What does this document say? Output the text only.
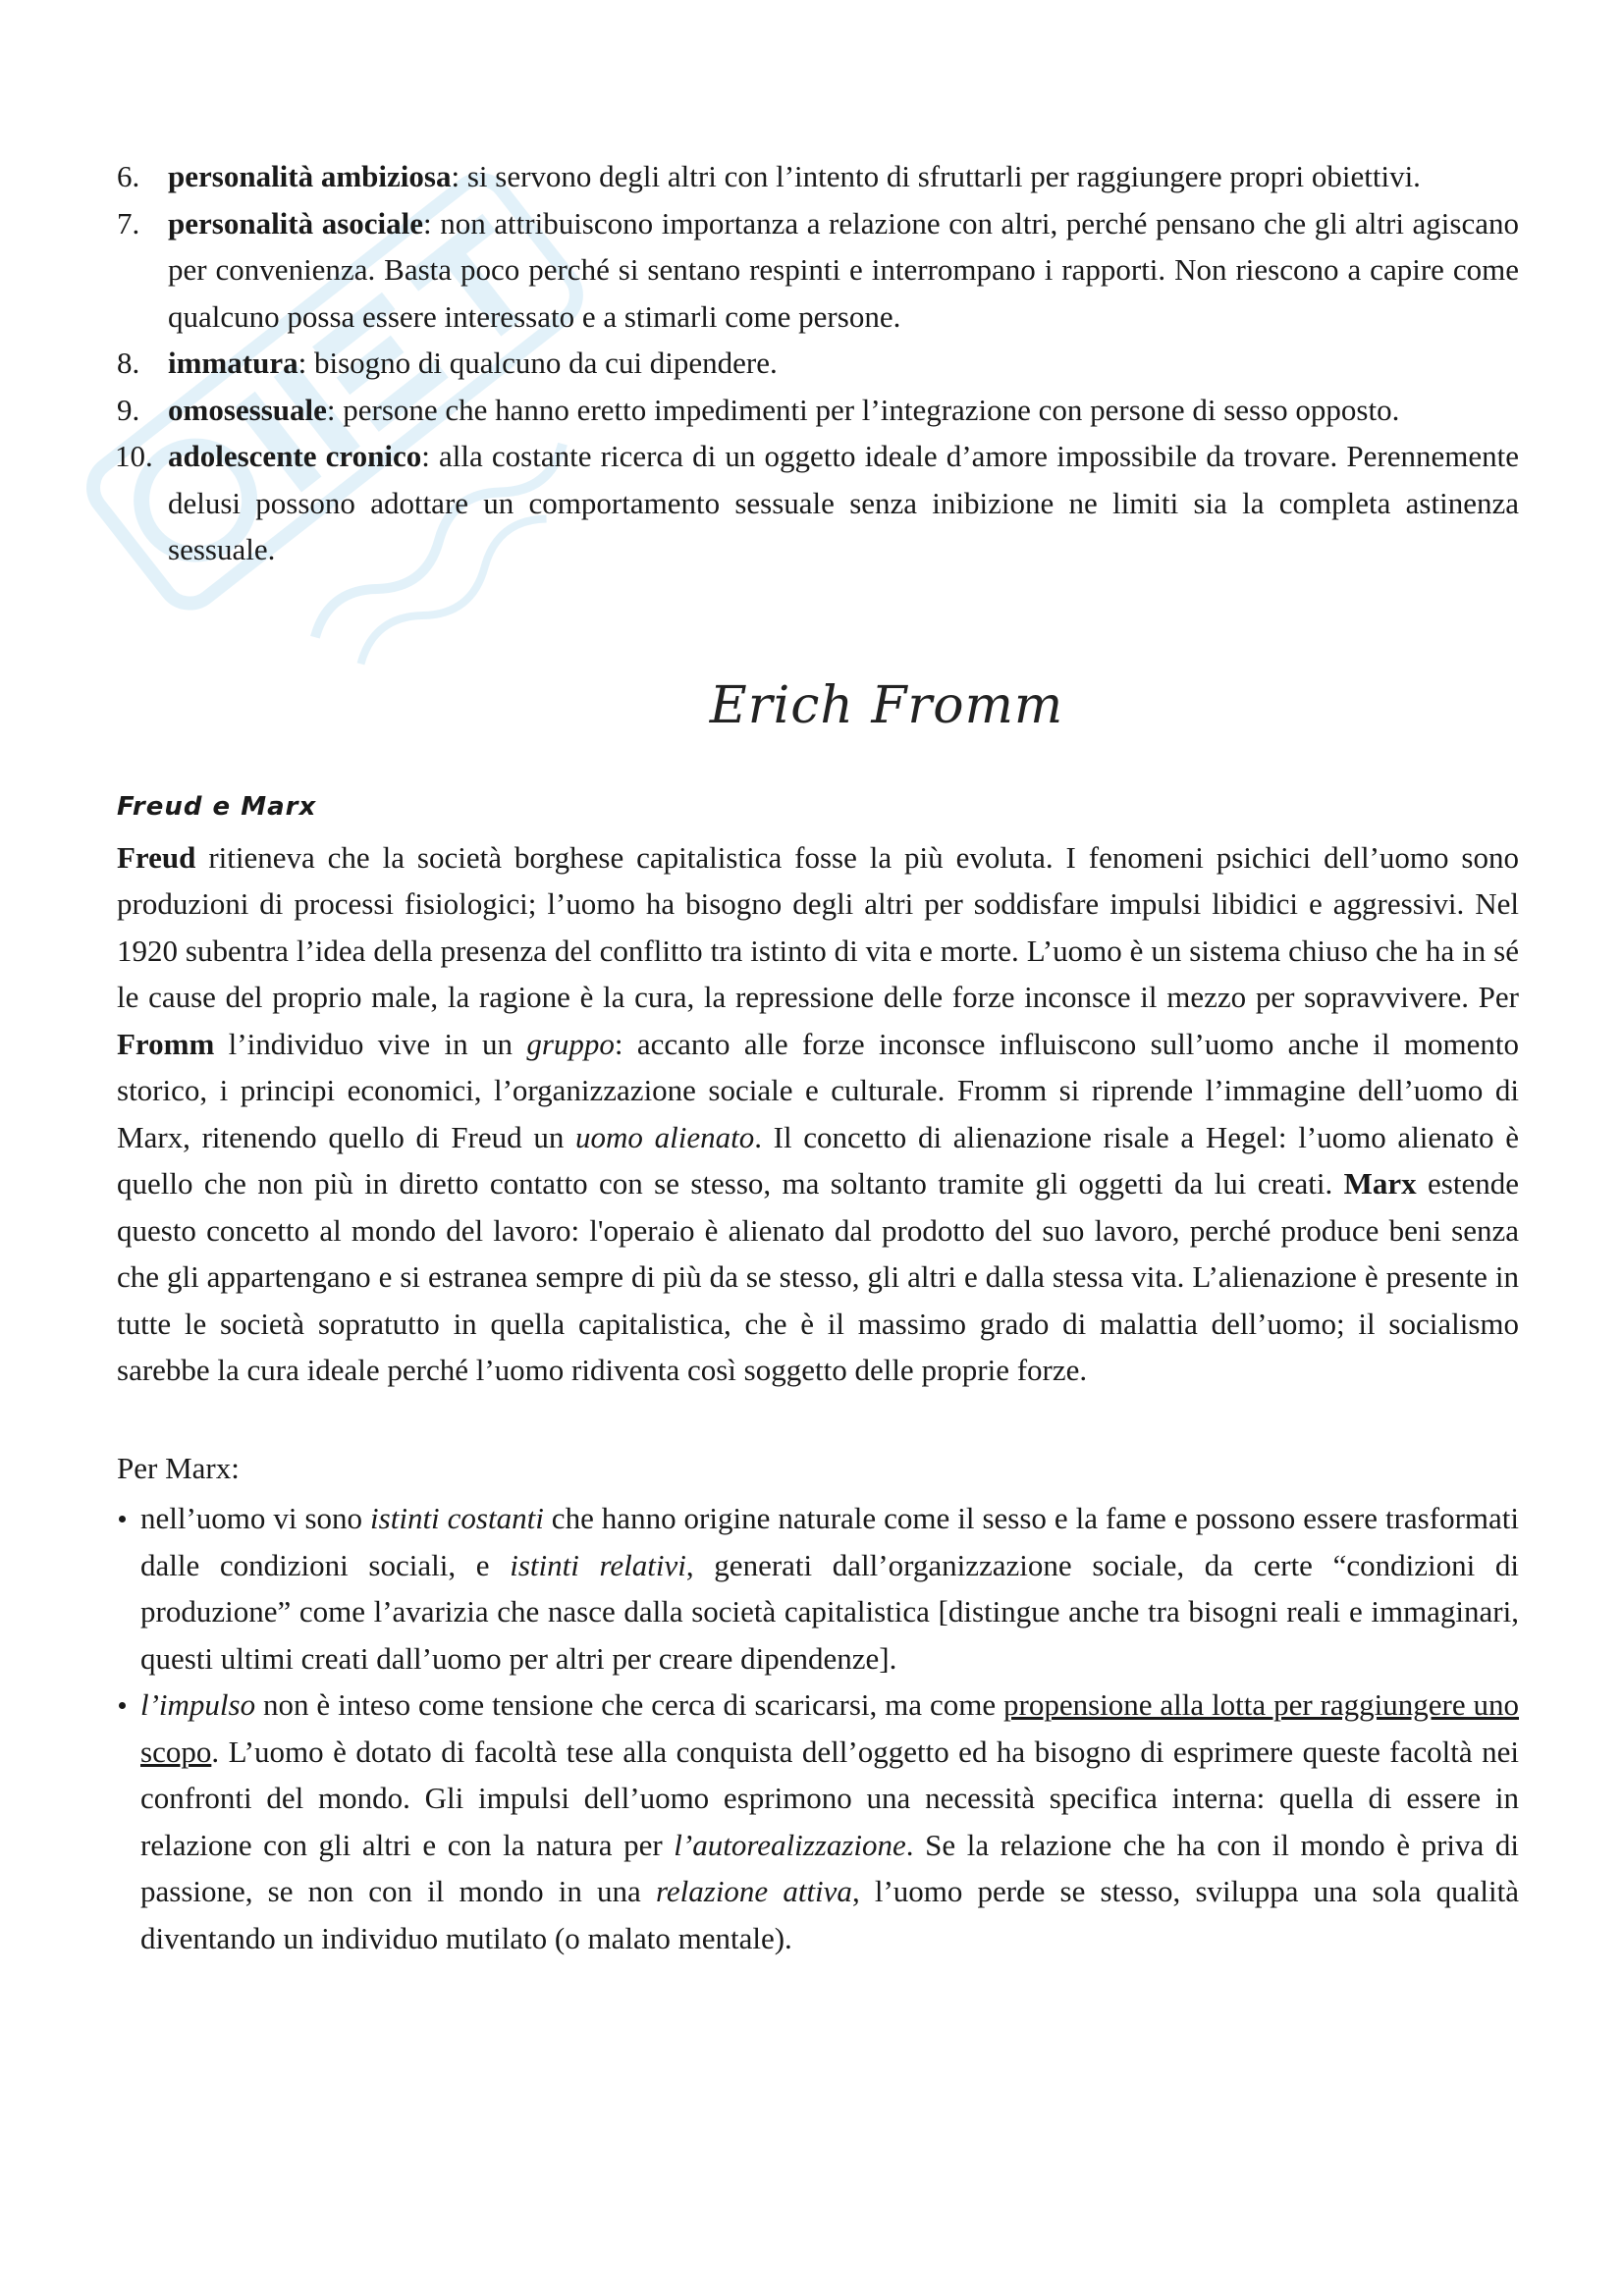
6. personalità ambiziosa: si servono degli altri con l’intento di sfruttarli per raggiungere propri obiettivi.
7. personalità asociale: non attribuiscono importanza a relazione con altri, perché pensano che gli altri agiscano per convenienza. Basta poco perché si sentano respinti e interrompano i rapporti. Non riescono a capire come qualcuno possa essere interessato e a stimarli come persone.
8. immatura: bisogno di qualcuno da cui dipendere.
9. omosessuale: persone che hanno eretto impedimenti per l’integrazione con persone di sesso opposto.
10. adolescente cronico: alla costante ricerca di un oggetto ideale d’amore impossibile da trovare. Perennemente delusi possono adottare un comportamento sessuale senza inibizione ne limiti sia la completa astinenza sessuale.
Erich Fromm
Freud e Marx

Freud ritieneva che la società borghese capitalistica fosse la più evoluta. I fenomeni psichici dell’uomo sono produzioni di processi fisiologici; l’uomo ha bisogno degli altri per soddisfare impulsi libidici e aggressivi. Nel 1920 subentra l’idea della presenza del conflitto tra istinto di vita e morte. L’uomo è un sistema chiuso che ha in sé le cause del proprio male, la ragione è la cura, la repressione delle forze inconsce il mezzo per sopravvivere. Per Fromm l’individuo vive in un gruppo: accanto alle forze inconsce influiscono sull’uomo anche il momento storico, i principi economici, l’organizzazione sociale e culturale. Fromm si riprende l’immagine dell’uomo di Marx, ritenendo quello di Freud un uomo alienato. Il concetto di alienazione risale a Hegel: l’uomo alienato è quello che non più in diretto contatto con se stesso, ma soltanto tramite gli oggetti da lui creati. Marx estende questo concetto al mondo del lavoro: l'operaio è alienato dal prodotto del suo lavoro, perché produce beni senza che gli appartengano e si estranea sempre di più da se stesso, gli altri e dalla stessa vita. L’alienazione è presente in tutte le società sopratutto in quella capitalistica, che è il massimo grado di malattia dell’uomo; il socialismo sarebbe la cura ideale perché l’uomo ridiventa così soggetto delle proprie forze.

Per Marx:

nell’uomo vi sono istinti costanti che hanno origine naturale come il sesso e la fame e possono essere trasformati dalle condizioni sociali, e istinti relativi, generati dall’organizzazione sociale, da certe “condizioni di produzione” come l’avarizia che nasce dalla società capitalistica [distingue anche tra bisogni reali e immaginari, questi ultimi creati dall’uomo per altri per creare dipendenze].
l’impulso non è inteso come tensione che cerca di scaricarsi, ma come propensione alla lotta per raggiungere uno scopo. L’uomo è dotato di facoltà tese alla conquista dell’oggetto ed ha bisogno di esprimere queste facoltà nei confronti del mondo. Gli impulsi dell’uomo esprimono una necessità specifica interna: quella di essere in relazione con gli altri e con la natura per l’autorealizzazione. Se la relazione che ha con il mondo è priva di passione, se non con il mondo in una relazione attiva, l’uomo perde se stesso, sviluppa una sola qualità diventando un individuo mutilato (o malato mentale).
